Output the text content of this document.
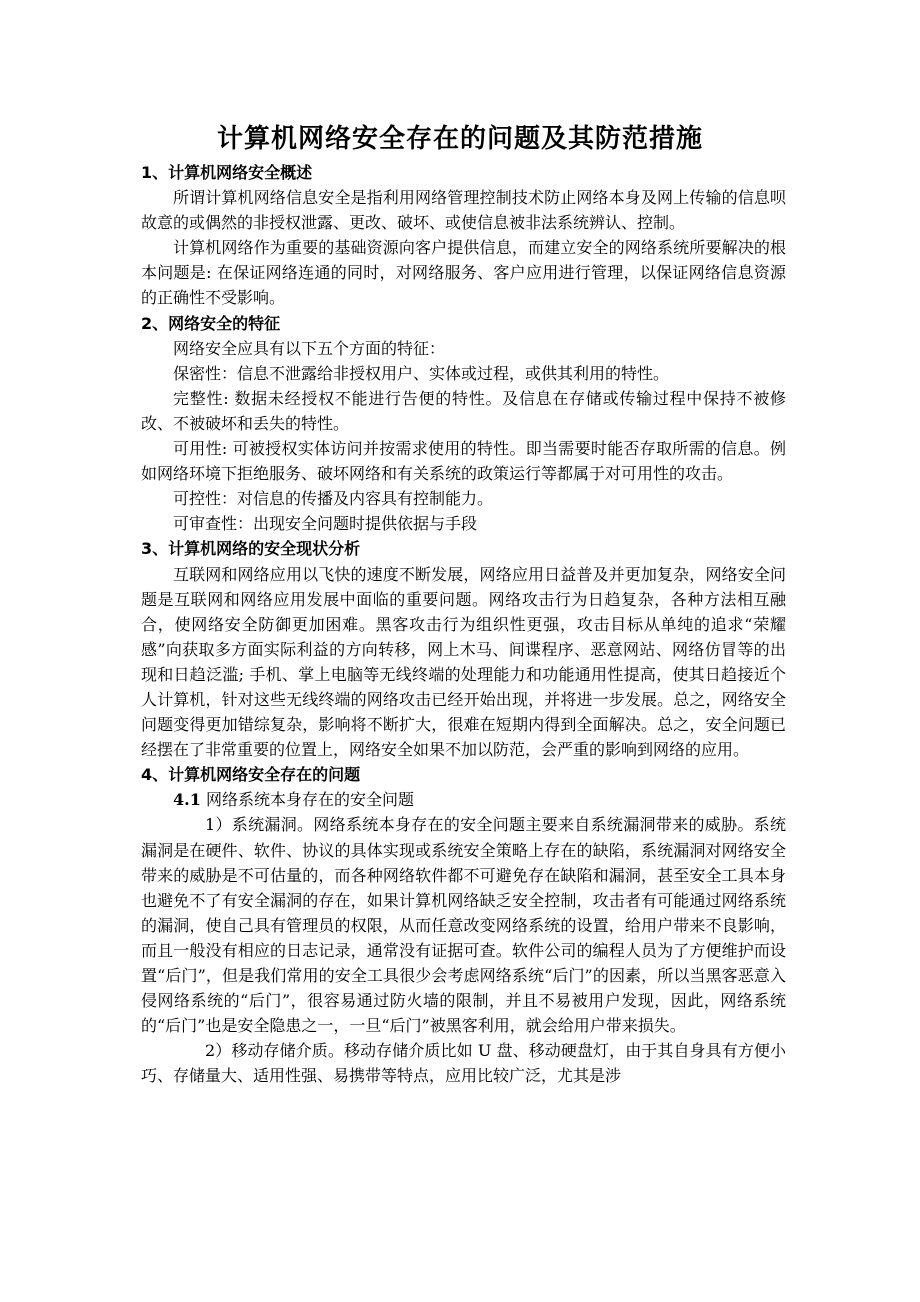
计算机网络安全存在的问题及其防范措施

1、计算机网络安全概述

所谓计算机网络信息安全是指利用网络管理控制技术防止网络本身及网上传输的信息呗故意的或偶然的非授权泄露、更改、破坏、或使信息被非法系统辨认、控制。

计算机网络作为重要的基础资源向客户提供信息，而建立安全的网络系统所要解决的根本问题是: 在保证网络连通的同时，对网络服务、客户应用进行管理，以保证网络信息资源的正确性不受影响。

2、网络安全的特征

网络安全应具有以下五个方面的特征：

保密性：信息不泄露给非授权用户、实体或过程，或供其利用的特性。

完整性: 数据未经授权不能进行告便的特性。及信息在存储或传输过程中保持不被修改、不被破坏和丢失的特性。

可用性: 可被授权实体访问并按需求使用的特性。即当需要时能否存取所需的信息。例如网络环境下拒绝服务、破坏网络和有关系统的政策运行等都属于对可用性的攻击。

可控性：对信息的传播及内容具有控制能力。

可审查性：出现安全问题时提供依据与手段

3、计算机网络的安全现状分析

互联网和网络应用以飞快的速度不断发展，网络应用日益普及并更加复杂，网络安全问题是互联网和网络应用发展中面临的重要问题。网络攻击行为日趋复杂，各种方法相互融合，使网络安全防御更加困难。黑客攻击行为组织性更强，攻击目标从单纯的追求“荣耀感”向获取多方面实际利益的方向转移，网上木马、间谍程序、恶意网站、网络仿冒等的出现和日趋泛滥; 手机、掌上电脑等无线终端的处理能力和功能通用性提高，使其日趋接近个人计算机，针对这些无线终端的网络攻击已经开始出现，并将进一步发展。总之，网络安全问题变得更加错综复杂，影响将不断扩大，很难在短期内得到全面解决。总之，安全问题已经摆在了非常重要的位置上，网络安全如果不加以防范，会严重的影响到网络的应用。

4、计算机网络安全存在的问题

4.1 网络系统本身存在的安全问题

1）系统漏洞。网络系统本身存在的安全问题主要来自系统漏洞带来的威胁。系统漏洞是在硬件、软件、协议的具体实现或系统安全策略上存在的缺陷，系统漏洞对网络安全带来的威胁是不可估量的，而各种网络软件都不可避免存在缺陷和漏洞，甚至安全工具本身也避免不了有安全漏洞的存在，如果计算机网络缺乏安全控制，攻击者有可能通过网络系统的漏洞，使自己具有管理员的权限，从而任意改变网络系统的设置，给用户带来不良影响，而且一般没有相应的日志记录，通常没有证据可查。软件公司的编程人员为了方便维护而设置“后门”，但是我们常用的安全工具很少会考虑网络系统“后门”的因素，所以当黑客恶意入侵网络系统的“后门”，很容易通过防火墙的限制，并且不易被用户发现，因此，网络系统的“后门”也是安全隐患之一，一旦“后门”被黑客利用，就会给用户带来损失。

2）移动存储介质。移动存储介质比如 U 盘、移动硬盘灯，由于其自身具有方便小巧、存储量大、适用性强、易携带等特点，应用比较广泛，尤其是涉
